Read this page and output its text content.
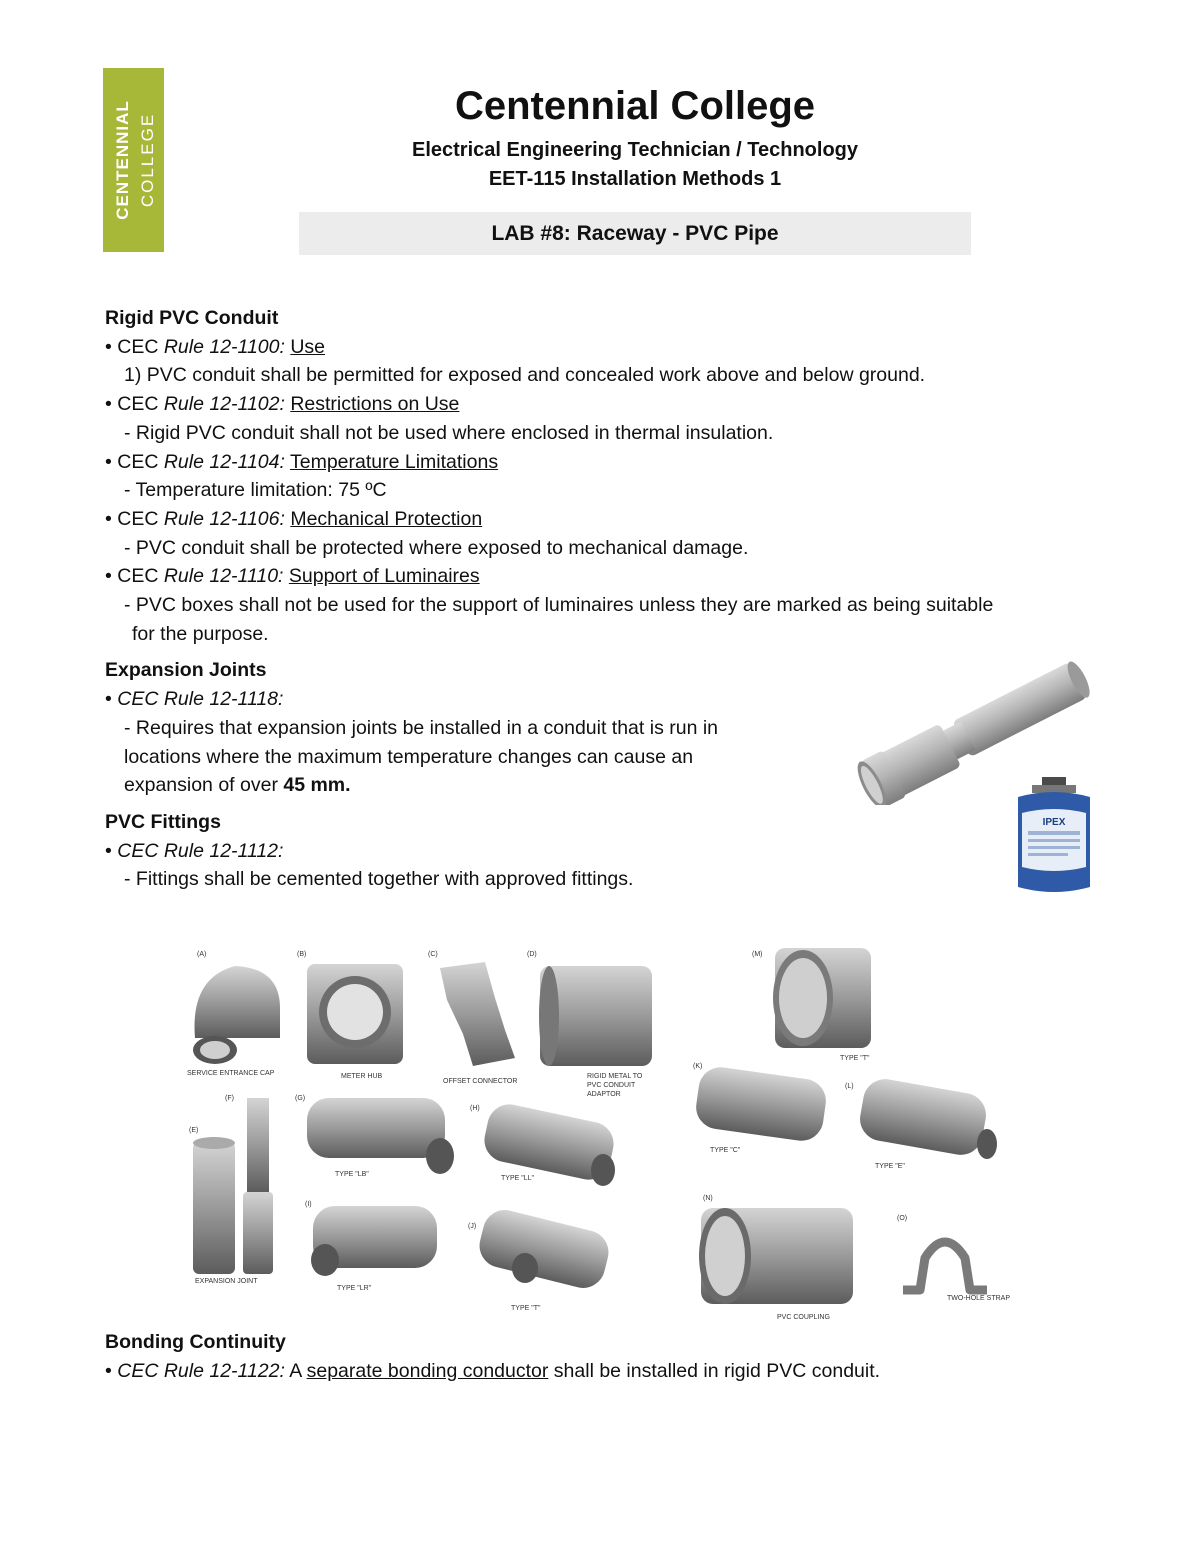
CENTENNIAL COLLEGE
Centennial College
Electrical Engineering Technician / Technology
EET-115 Installation Methods 1
LAB #8: Raceway - PVC Pipe
Rigid PVC Conduit
• CEC Rule 12-1100: Use
1) PVC conduit shall be permitted for exposed and concealed work above and below ground.
• CEC Rule 12-1102: Restrictions on Use
- Rigid PVC conduit shall not be used where enclosed in thermal insulation.
• CEC Rule 12-1104: Temperature Limitations
- Temperature limitation: 75 ºC
• CEC Rule 12-1106: Mechanical Protection
- PVC conduit shall be protected where exposed to mechanical damage.
• CEC Rule 12-1110: Support of Luminaires
- PVC boxes shall not be used for the support of luminaires unless they are marked as being suitable
for the purpose.
Expansion Joints
• CEC Rule 12-1118:
- Requires that expansion joints be installed in a conduit that is run in
locations where the maximum temperature changes can cause an
expansion of over 45 mm.
PVC Fittings
• CEC Rule 12-1112:
- Fittings shall be cemented together with approved fittings.
Bonding Continuity
• CEC Rule 12-1122: A separate bonding conductor shall be installed in rigid PVC conduit.
IPEX
(A)
SERVICE ENTRANCE CAP
(B)
METER HUB
(C)
OFFSET CONNECTOR
(D)
RIGID METAL TO
PVC CONDUIT
ADAPTOR
(M)
TYPE "T"
(E)
EXPANSION JOINT
(F)	(G)
TYPE "LB"
(H)
TYPE "LL"
(I)
TYPE "LR"
(J)
TYPE "T"
(K)
TYPE "C"
(L)
TYPE "E"
(N)
PVC COUPLING
(O)
TWO-HOLE STRAP
